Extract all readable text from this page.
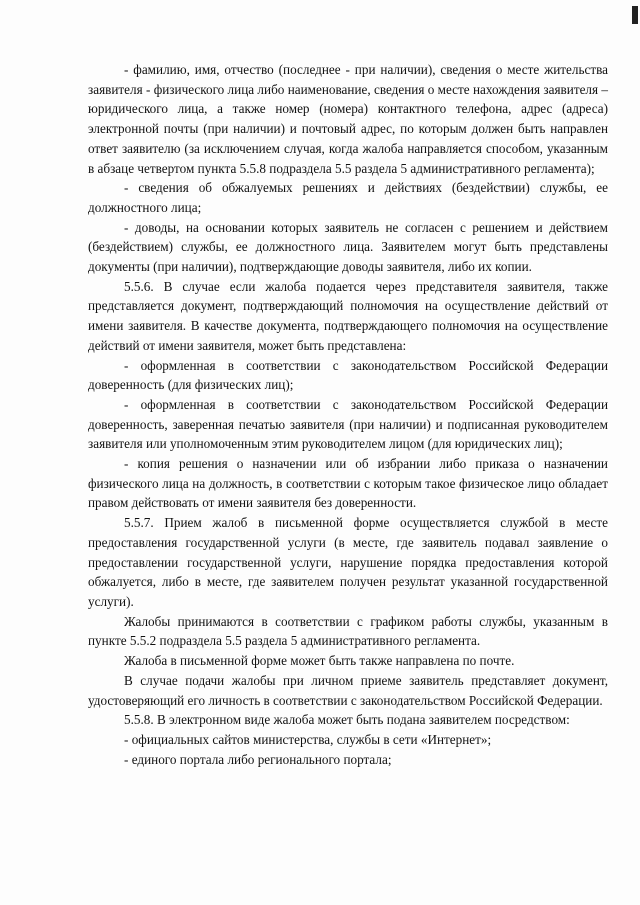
- фамилию, имя, отчество (последнее - при наличии), сведения о месте жительства заявителя - физического лица либо наименование, сведения о месте нахождения заявителя – юридического лица, а также номер (номера) контактного телефона, адрес (адреса) электронной почты (при наличии) и почтовый адрес, по которым должен быть направлен ответ заявителю (за исключением случая, когда жалоба направляется способом, указанным в абзаце четвертом пункта 5.5.8 подраздела 5.5 раздела 5 административного регламента);

- сведения об обжалуемых решениях и действиях (бездействии) службы, ее должностного лица;

- доводы, на основании которых заявитель не согласен с решением и действием (бездействием) службы, ее должностного лица. Заявителем могут быть представлены документы (при наличии), подтверждающие доводы заявителя, либо их копии.

5.5.6. В случае если жалоба подается через представителя заявителя, также представляется документ, подтверждающий полномочия на осуществление действий от имени заявителя. В качестве документа, подтверждающего полномочия на осуществление действий от имени заявителя, может быть представлена:

- оформленная в соответствии с законодательством Российской Федерации доверенность (для физических лиц);

- оформленная в соответствии с законодательством Российской Федерации доверенность, заверенная печатью заявителя (при наличии) и подписанная руководителем заявителя или уполномоченным этим руководителем лицом (для юридических лиц);

- копия решения о назначении или об избрании либо приказа о назначении физического лица на должность, в соответствии с которым такое физическое лицо обладает правом действовать от имени заявителя без доверенности.

5.5.7. Прием жалоб в письменной форме осуществляется службой в месте предоставления государственной услуги (в месте, где заявитель подавал заявление о предоставлении государственной услуги, нарушение порядка предоставления которой обжалуется, либо в месте, где заявителем получен результат указанной государственной услуги).

Жалобы принимаются в соответствии с графиком работы службы, указанным в пункте 5.5.2 подраздела 5.5 раздела 5 административного регламента.

Жалоба в письменной форме может быть также направлена по почте.

В случае подачи жалобы при личном приеме заявитель представляет документ, удостоверяющий его личность в соответствии с законодательством Российской Федерации.

5.5.8. В электронном виде жалоба может быть подана заявителем посредством:

- официальных сайтов министерства, службы в сети «Интернет»;

- единого портала либо регионального портала;
